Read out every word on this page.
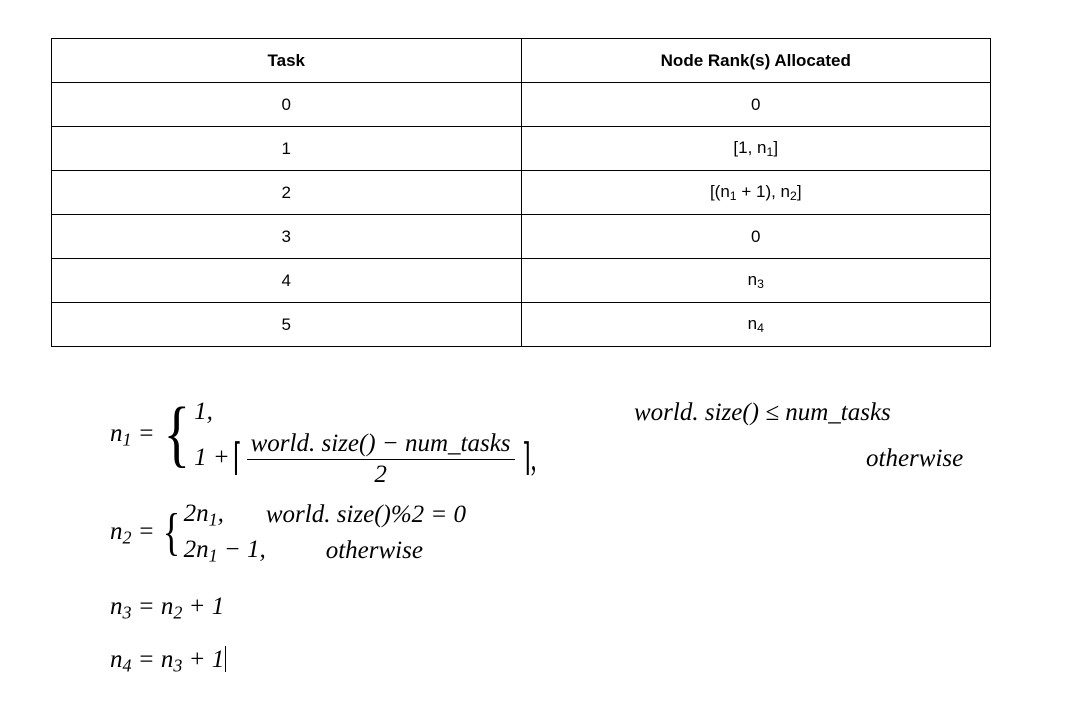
Task	Node Rank(s) Allocated
0	0
1	[1, $n_1$]
2	[$(n_1 + 1)$, $n_2$]
3	0
4	$n_3$
5	$n_4$
$n_1$ = { 1,
1 + ⌈ $\frac{\text{world. size() − num\_tasks}}{2}$ ⌉,
world. size() ≤ num_tasks
otherwise
$n_2$ = { $2n_1$, world. size()%2 = 0
$2n_1 - 1$, otherwise
$n_3 = n_2 + 1$
$n_4 = n_3 + 1$
